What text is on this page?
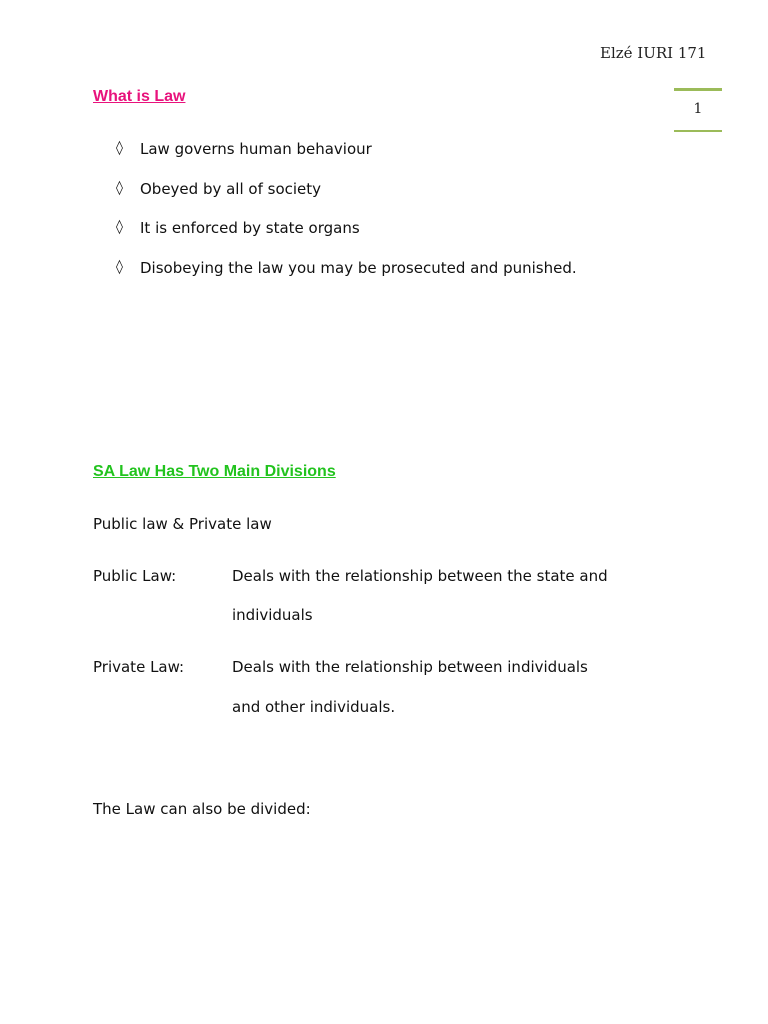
Elzé IURI 171
1
What is Law
◊	Law governs human behaviour
◊	Obeyed by all of society
◊	It is enforced by state organs
◊	Disobeying the law you may be prosecuted and punished.
SA Law Has Two Main Divisions
Public law & Private law
Public Law:	Deals with the relationship between the state and
individuals
Private Law:	Deals with the relationship between individuals
and other individuals.
The Law can also be divided:
